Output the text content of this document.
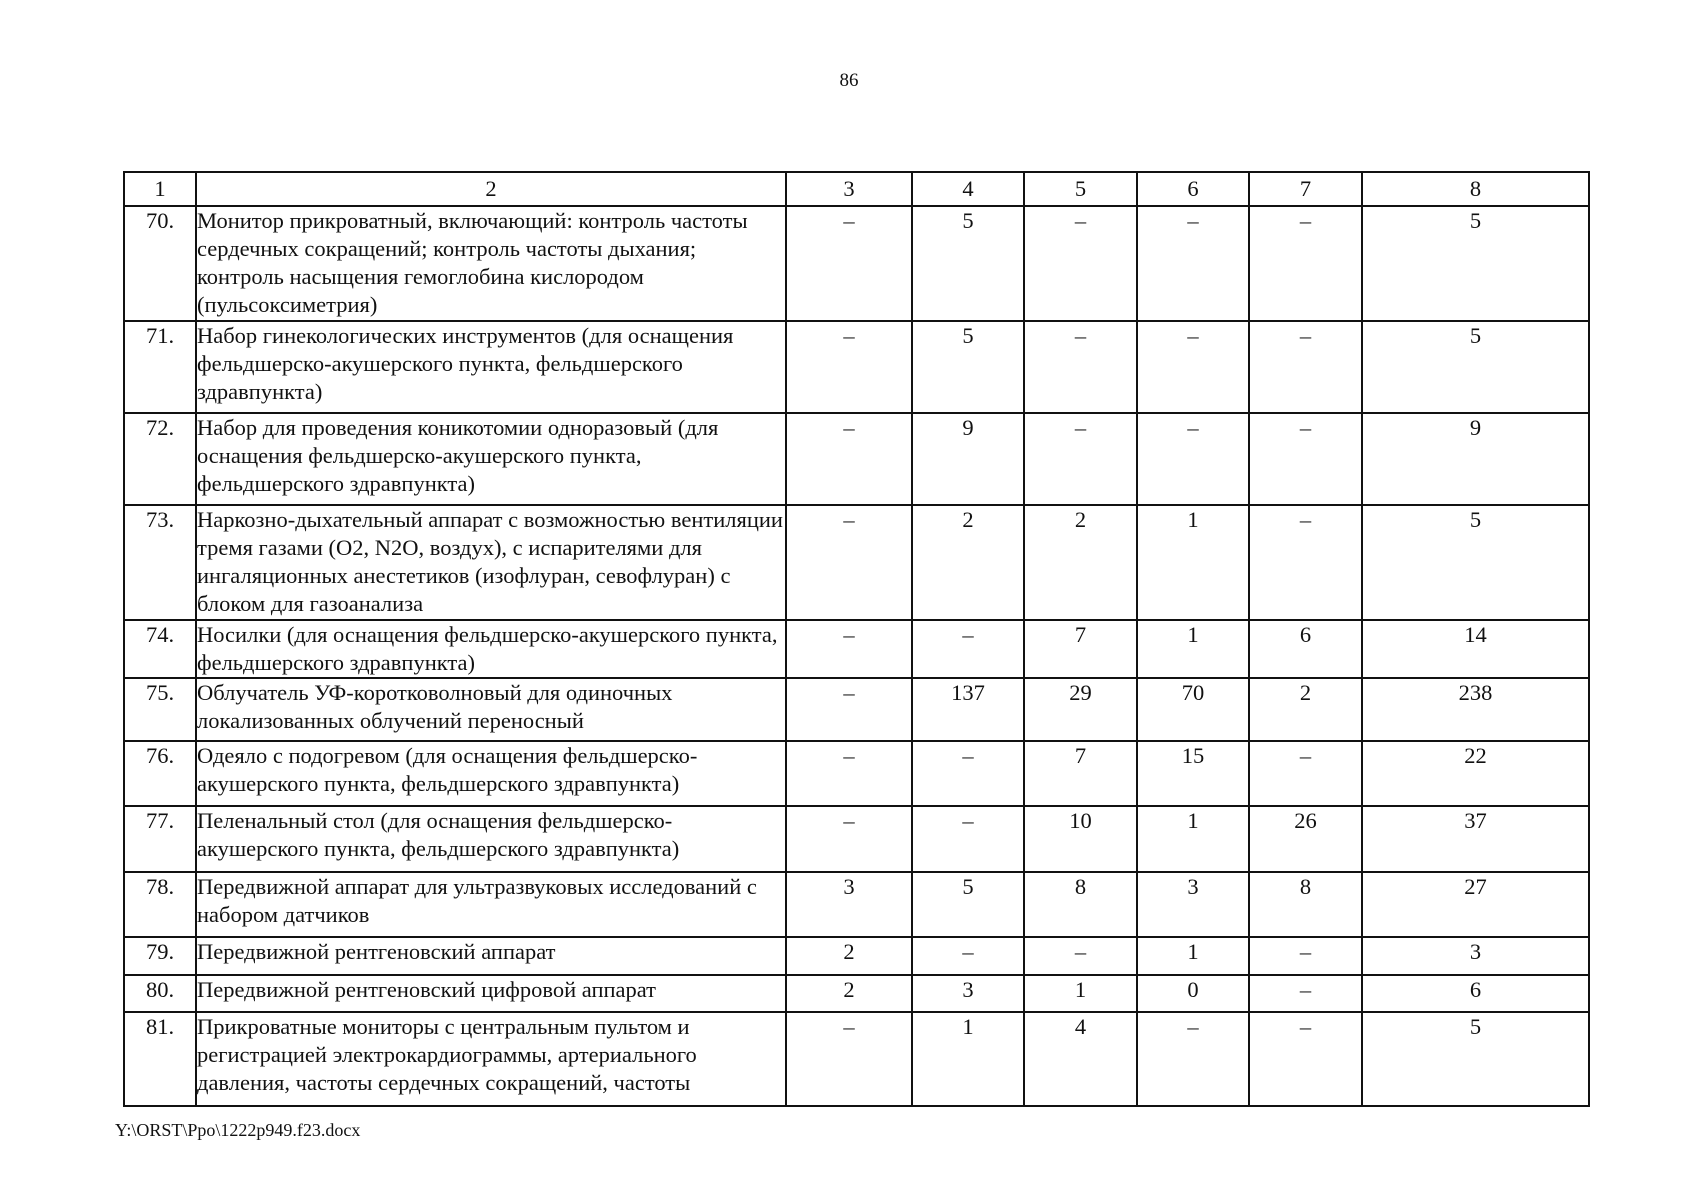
86
1	2	3	4	5	6	7	8
70.	Монитор прикроватный, включающий: контроль частоты сердечных сокращений; контроль частоты дыхания; контроль насыщения гемоглобина кислородом (пульсоксиметрия)	–	5	–	–	–	5
71.	Набор гинекологических инструментов (для оснащения фельдшерско-акушерского пункта, фельдшерского здравпункта)	–	5	–	–	–	5
72.	Набор для проведения коникотомии одноразовый (для оснащения фельдшерско-акушерского пункта, фельдшерского здравпункта)	–	9	–	–	–	9
73.	Наркозно-дыхательный аппарат с возможностью вентиляции тремя газами (O2, N2O, воздух), с испарителями для ингаляционных анестетиков (изофлуран, севофлуран) с блоком для газоанализа	–	2	2	1	–	5
74.	Носилки (для оснащения фельдшерско-акушерского пункта, фельдшерского здравпункта)	–	–	7	1	6	14
75.	Облучатель УФ-коротковолновый для одиночных локализованных облучений переносный	–	137	29	70	2	238
76.	Одеяло с подогревом (для оснащения фельдшерско-акушерского пункта, фельдшерского здравпункта)	–	–	7	15	–	22
77.	Пеленальный стол (для оснащения фельдшерско-акушерского пункта, фельдшерского здравпункта)	–	–	10	1	26	37
78.	Передвижной аппарат для ультразвуковых исследований с набором датчиков	3	5	8	3	8	27
79.	Передвижной рентгеновский аппарат	2	–	–	1	–	3
80.	Передвижной рентгеновский цифровой аппарат	2	3	1	0	–	6
81.	Прикроватные мониторы с центральным пультом и регистрацией электрокардиограммы, артериального давления, частоты сердечных сокращений, частоты	–	1	4	–	–	5
Y:\ORST\Ppo\1222p949.f23.docx
